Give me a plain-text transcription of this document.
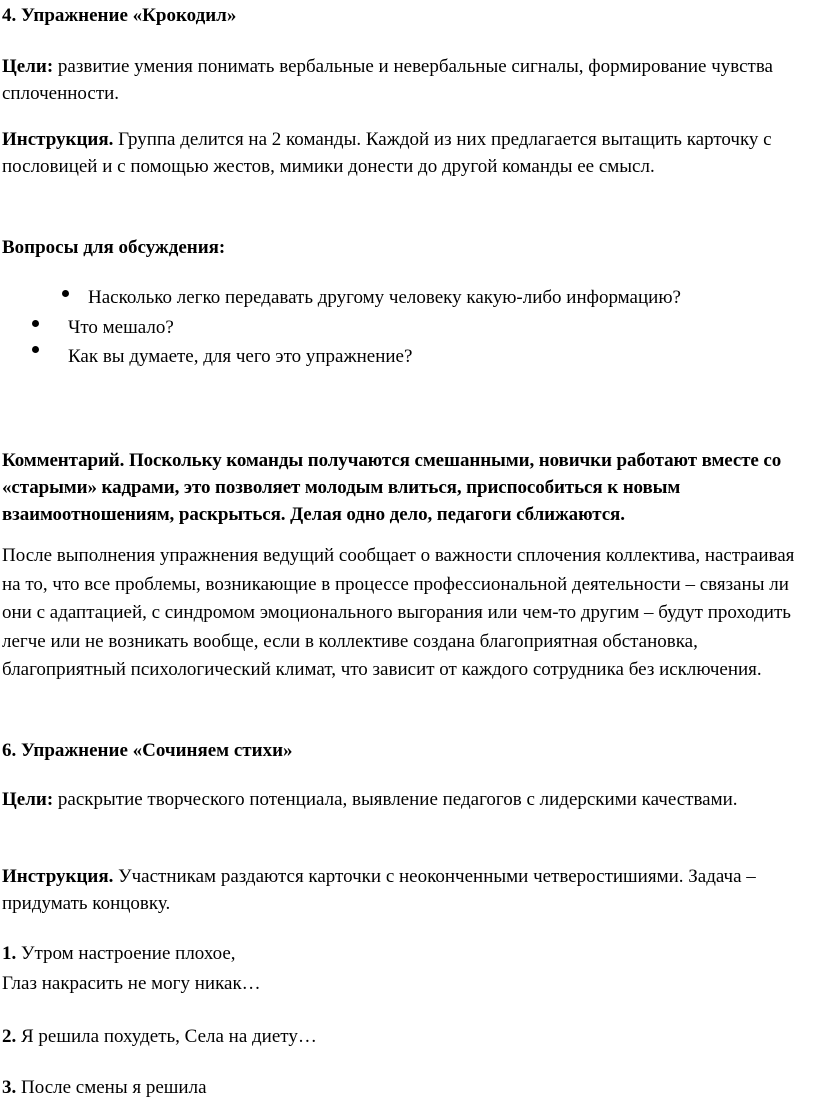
4. Упражнение «Крокодил»
Цели: развитие умения понимать вербальные и невербальные сигналы, формирование чувства сплоченности.
Инструкция. Группа делится на 2 команды. Каждой из них предлагается вытащить карточку с пословицей и с помощью жестов, мимики донести до другой команды ее смысл.
Вопросы для обсуждения:
Насколько легко передавать другому человеку какую-либо информацию?
Что мешало?
Как вы думаете, для чего это упражнение?
Комментарий. Поскольку команды получаются смешанными, новички работают вместе со «старыми» кадрами, это позволяет молодым влиться, приспособиться к новым взаимоотношениям, раскрыться. Делая одно дело, педагоги сближаются.
После выполнения упражнения ведущий сообщает о важности сплочения коллектива, настраивая на то, что все проблемы, возникающие в процессе профессиональной деятельности – связаны ли они с адаптацией, с синдромом эмоционального выгорания или чем-то другим – будут проходить легче или не возникать вообще, если в коллективе создана благоприятная обстановка, благоприятный психологический климат, что зависит от каждого сотрудника без исключения.
6. Упражнение «Сочиняем стихи»
Цели: раскрытие творческого потенциала, выявление педагогов с лидерскими качествами.
Инструкция. Участникам раздаются карточки с неоконченными четверостишиями. Задача – придумать концовку.
1. Утром настроение плохое,
Глаз накрасить не могу никак…
2. Я решила похудеть, Села на диету…
3. После смены я решила
